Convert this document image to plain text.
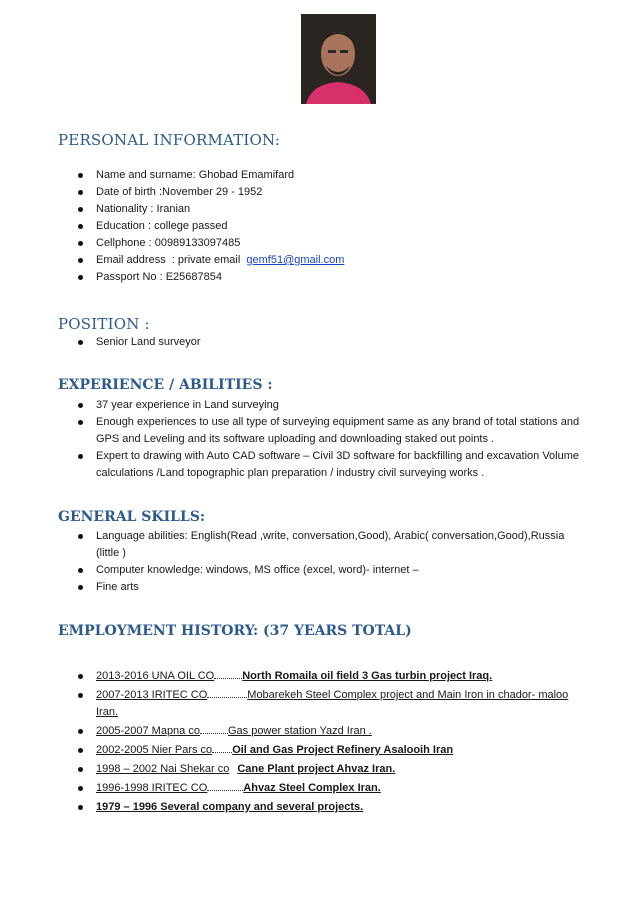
PERSONAL INFORMATION:
Name and surname: Ghobad Emamifard
Date of birth :November 29 - 1952
Nationality : Iranian
Education : college passed
Cellphone : 00989133097485
Email address  : private email  gemf51@gmail.com
Passport No : E25687854
POSITION :
Senior Land surveyor
EXPERIENCE / ABILITIES :
37 year experience in Land surveying
Enough experiences to use all type of surveying equipment same as any brand of total stations and GPS and Leveling and its software uploading and downloading staked out points .
Expert to drawing with Auto CAD software – Civil 3D software for backfilling and excavation Volume calculations /Land topographic plan preparation / industry civil surveying works .
GENERAL SKILLS:
Language abilities: English(Read ,write, conversation,Good), Arabic( conversation,Good),Russia (little )
Computer knowledge: windows, MS office (excel, word)- internet –
Fine arts
EMPLOYMENT HISTORY: (37 YEARS TOTAL)
2013-2016 UNA OIL CO	North Romaila oil field 3 Gas turbin project Iraq.
2007-2013 IRITEC CO	Mobarekeh Steel Complex project and Main Iron in chador- maloo Iran.
2005-2007 Mapna co	Gas power station Yazd Iran .
2002-2005 Nier Pars co Oil and Gas Project Refinery Asalooih Iran
1998 – 2002 Nai Shekar co Cane Plant project Ahvaz Iran.
1996-1998 IRITEC CO	Ahvaz Steel Complex Iran.
1979 – 1996 Several company and several projects.
